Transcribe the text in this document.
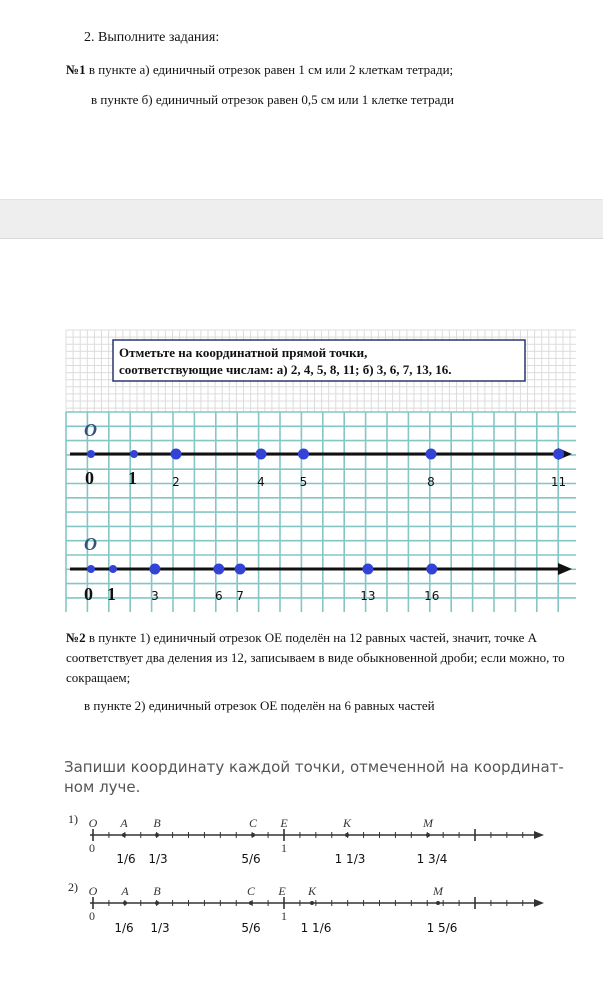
2. Выполните задания:
№1 в пункте а) единичный отрезок равен 1 см или 2 клеткам тетради;
в пункте б) единичный отрезок равен 0,5 см или 1 клетке тетради
Отметьте на координатной прямой точки,
соответствующие числам: а) 2, 4, 5, 8, 11; б) 3, 6, 7, 13, 16.
O
0 1	2	4	5	8	11
O
0 1	3	6 7	13	16
№2 в пункте 1) единичный отрезок OE поделён на 12 равных частей, значит, точке А соответствует два деления из 12, записываем в виде обыкновенной дроби; если можно, то сокращаем;
в пункте 2) единичный отрезок OE поделён на 6 равных частей
Запиши координату каждой точки, отмеченной на координат-
ном луче.
1) O A B	C E	K	M
0	1
1/6 1/3	5/6	1 1/3	1 3/4
2) O A B	C E K	M
0	1
1/6 1/3	5/6	1 1/6	1 5/6
